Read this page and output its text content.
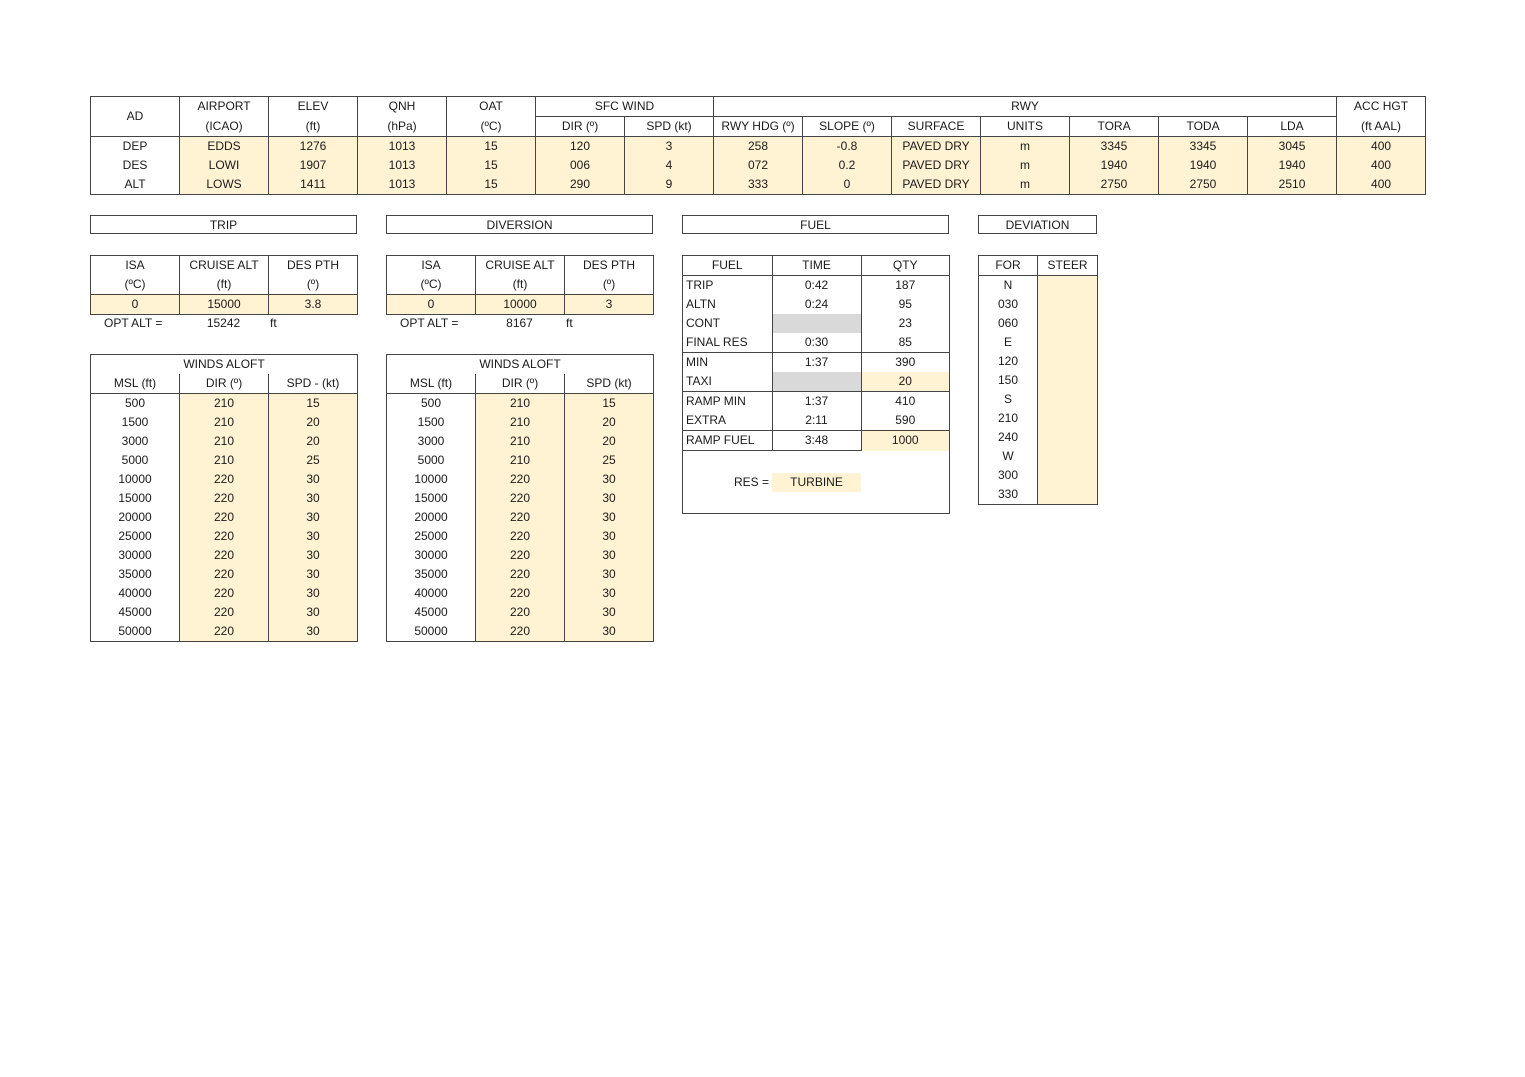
AD	AIRPORT	ELEV	QNH	OAT	SFC WIND		RWY							ACC HGT
	(ICAO)	(ft)	(hPa)	(ºC)	DIR (º)	SPD (kt)	RWY HDG (º)	SLOPE (º)	SURFACE	UNITS	TORA	TODA	LDA	(ft AAL)
DEP	EDDS	1276	1013	15	120	3	258	-0.8	PAVED DRY	m	3345	3345	3045	400
DES	LOWI	1907	1013	15	006	4	072	0.2	PAVED DRY	m	1940	1940	1940	400
ALT	LOWS	1411	1013	15	290	9	333	0	PAVED DRY	m	2750	2750	2510	400
TRIP	DIVERSION	FUEL	DEVIATION
ISA	CRUISE ALT	DES PTH
(ºC)	(ft)	(º)
0	15000	3.8
OPT ALT =	15242	ft
ISA	CRUISE ALT	DES PTH
(ºC)	(ft)	(º)
0	10000	3
OPT ALT =	8167	ft
WINDS ALOFT		
MSL (ft)	DIR (º)	SPD - (kt)
500	210	15
1500	210	20
3000	210	20
5000	210	25
10000	220	30
15000	220	30
20000	220	30
25000	220	30
30000	220	30
35000	220	30
40000	220	30
45000	220	30
50000	220	30
WINDS ALOFT		
MSL (ft)	DIR (º)	SPD (kt)
500	210	15
1500	210	20
3000	210	20
5000	210	25
10000	220	30
15000	220	30
20000	220	30
25000	220	30
30000	220	30
35000	220	30
40000	220	30
45000	220	30
50000	220	30
FUEL	TIME	QTY
TRIP	0:42	187
ALTN	0:24	95
CONT		23
FINAL RES	0:30	85
MIN	1:37	390
TAXI		20
RAMP MIN	1:37	410
EXTRA	2:11	590
RAMP FUEL	3:48	1000
RES =	TURBINE
FOR	STEER
N	
030	
060	
E	
120	
150	
S	
210	
240	
W	
300	
330	
